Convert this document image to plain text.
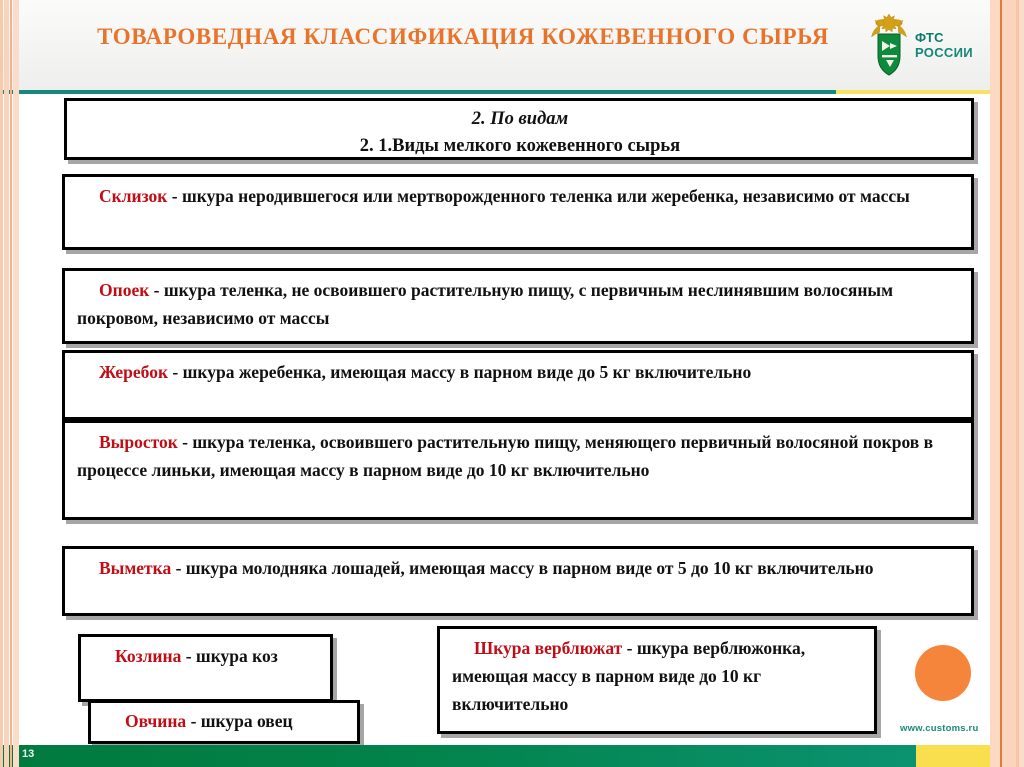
ТОВАРОВЕДНАЯ КЛАССИФИКАЦИЯ КОЖЕВЕННОГО СЫРЬЯ	ФТС
РОССИИ
2. По видам
2. 1.Виды мелкого кожевенного сырья
Склизок - шкура неродившегося или мертворожденного теленка или жеребенка, независимо от массы
Опоек - шкура теленка, не освоившего растительную пищу, с первичным неслинявшим волосяным покровом, независимо от массы
Жеребок - шкура жеребенка, имеющая массу в парном виде до 5 кг включительно
Выросток - шкура теленка, освоившего растительную пищу, меняющего первичный волосяной покров в процессе линьки, имеющая массу в парном виде до 10 кг включительно
Выметка - шкура молодняка лошадей, имеющая массу в парном виде от 5 до 10 кг включительно
Козлина - шкура коз	Шкура верблюжат - шкура верблюжонка, имеющая массу в парном виде до 10 кг включительно
Овчина - шкура овец	www.customs.ru
13
